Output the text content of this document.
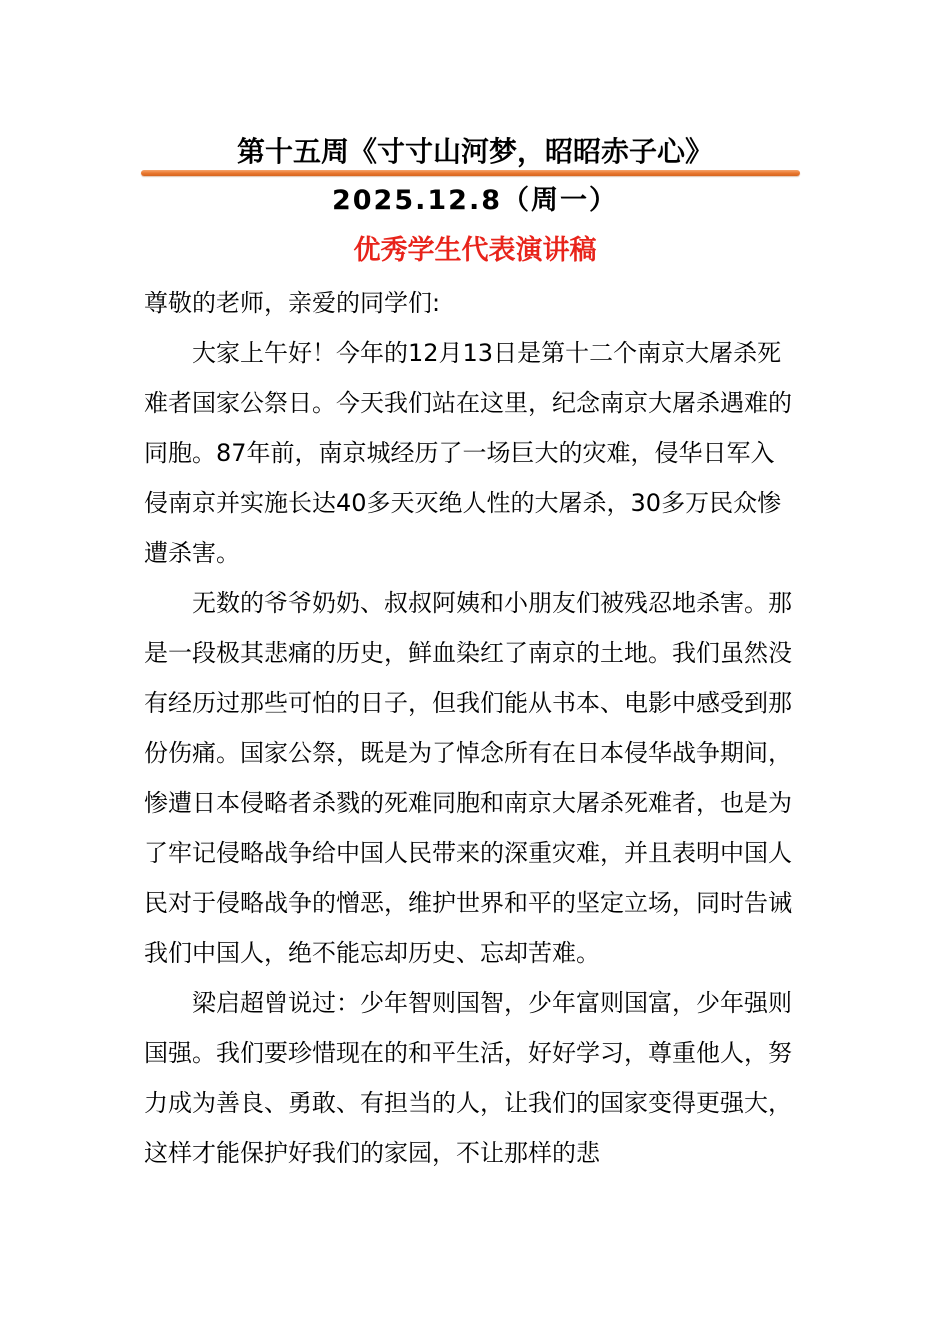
第十五周《寸寸山河梦，昭昭赤子心》
2025.12.8（周一）
优秀学生代表演讲稿

尊敬的老师，亲爱的同学们:

大家上午好！今年的12月13日是第十二个南京大屠杀死难者国家公祭日。今天我们站在这里，纪念南京大屠杀遇难的同胞。87年前，南京城经历了一场巨大的灾难，侵华日军入侵南京并实施长达40多天灭绝人性的大屠杀，30多万民众惨遭杀害。

无数的爷爷奶奶、叔叔阿姨和小朋友们被残忍地杀害。那是一段极其悲痛的历史，鲜血染红了南京的土地。我们虽然没有经历过那些可怕的日子，但我们能从书本、电影中感受到那份伤痛。国家公祭，既是为了悼念所有在日本侵华战争期间，惨遭日本侵略者杀戮的死难同胞和南京大屠杀死难者，也是为了牢记侵略战争给中国人民带来的深重灾难，并且表明中国人民对于侵略战争的憎恶，维护世界和平的坚定立场，同时告诫我们中国人，绝不能忘却历史、忘却苦难。

梁启超曾说过：少年智则国智，少年富则国富，少年强则国强。我们要珍惜现在的和平生活，好好学习，尊重他人，努力成为善良、勇敢、有担当的人，让我们的国家变得更强大，这样才能保护好我们的家园，不让那样的悲
